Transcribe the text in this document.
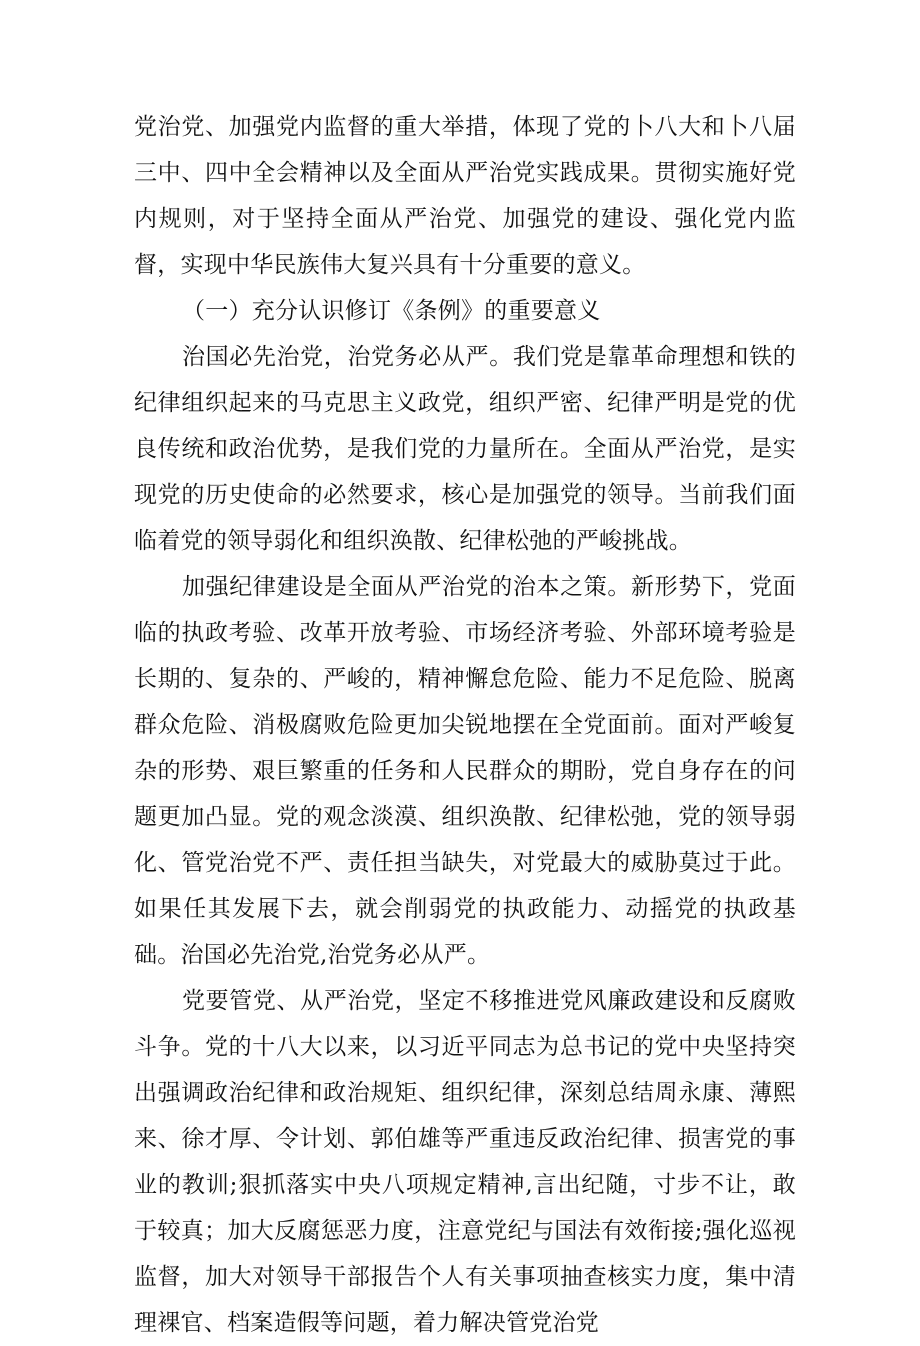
党治党、加强党内监督的重大举措，体现了党的卜八大和卜八届三中、四中全会精神以及全面从严治党实践成果。贯彻实施好党内规则，对于坚持全面从严治党、加强党的建设、强化党内监督，实现中华民族伟大复兴具有十分重要的意义。

（一）充分认识修订《条例》的重要意义

治国必先治党，治党务必从严。我们党是靠革命理想和铁的纪律组织起来的马克思主义政党，组织严密、纪律严明是党的优良传统和政治优势，是我们党的力量所在。全面从严治党，是实现党的历史使命的必然要求，核心是加强党的领导。当前我们面临着党的领导弱化和组织涣散、纪律松弛的严峻挑战。

加强纪律建设是全面从严治党的治本之策。新形势下，党面临的执政考验、改革开放考验、市场经济考验、外部环境考验是长期的、复杂的、严峻的，精神懈怠危险、能力不足危险、脱离群众危险、消极腐败危险更加尖锐地摆在全党面前。面对严峻复杂的形势、艰巨繁重的任务和人民群众的期盼，党自身存在的问题更加凸显。党的观念淡漠、组织涣散、纪律松弛，党的领导弱化、管党治党不严、责任担当缺失，对党最大的威胁莫过于此。如果任其发展下去，就会削弱党的执政能力、动摇党的执政基础。治国必先治党,治党务必从严。

党要管党、从严治党，坚定不移推进党风廉政建设和反腐败斗争。党的十八大以来，以习近平同志为总书记的党中央坚持突出强调政治纪律和政治规矩、组织纪律，深刻总结周永康、薄熙来、徐才厚、令计划、郭伯雄等严重违反政治纪律、损害党的事业的教训;狠抓落实中央八项规定精神,言出纪随，寸步不让，敢于较真；加大反腐惩恶力度，注意党纪与国法有效衔接;强化巡视监督，加大对领导干部报告个人有关事项抽查核实力度，集中清理裸官、档案造假等问题，着力解决管党治党
